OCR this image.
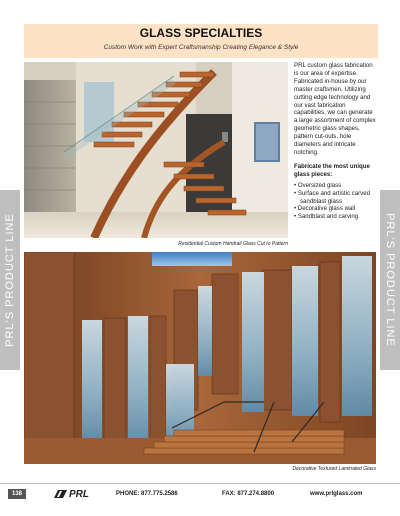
PRL'S PRODUCT LINE	PRL'S PRODUCT LINE
GLASS SPECIALTIES
Custom Work with Expert Craftsmanship Creating Elegance & Style
Residential Custom Handrail Glass Cut to Pattern

PRL custom glass fabrication is our area of expertise. Fabricated in-house by our master craftsmen. Utilizing cutting edge technology and our vast fabrication capabilities, we can generate a large assortment of complex geometric glass shapes, pattern cut-outs, hole diameters and intricate notching.

Fabricate the most unique glass pieces:

• Oversized glass
• Surface and artistic carved sandblast glass
• Decorative glass wall
• Sandblast and carving
Decorative Textured Laminated Glass
138	PRL	PHONE: 877.775.2586	FAX: 877.274.8800	www.prlglass.com
